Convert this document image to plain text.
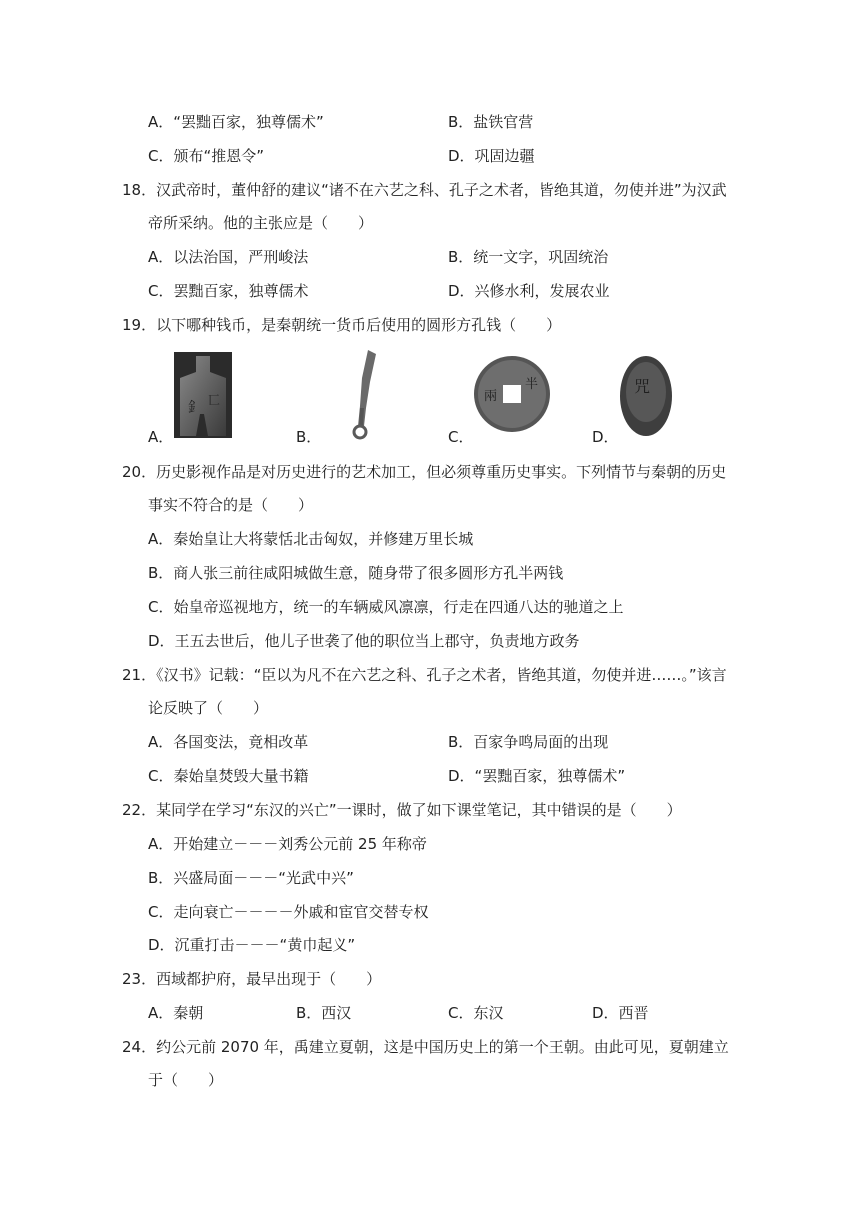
A．“罢黜百家，独尊儒术”	B．盐铁官营
C．颁布“推恩令”	D．巩固边疆
18．汉武帝时，董仲舒的建议“诸不在六艺之科、孔子之术者，皆绝其道，勿使并进”为汉武
帝所采纳。他的主张应是（　　）
A．以法治国，严刑峻法	B．统一文字，巩固统治
C．罢黜百家，独尊儒术	D．兴修水利，发展农业
19．以下哪种钱币，是秦朝统一货币后使用的圆形方孔钱（　　）
A．
釒 匸
B．	C．
兩
半
D．
咒
20．历史影视作品是对历史进行的艺术加工，但必须尊重历史事实。下列情节与秦朝的历史
事实不符合的是（　　）
A．秦始皇让大将蒙恬北击匈奴，并修建万里长城
B．商人张三前往咸阳城做生意，随身带了很多圆形方孔半两钱
C．始皇帝巡视地方，统一的车辆威风凛凛，行走在四通八达的驰道之上
D．王五去世后，他儿子世袭了他的职位当上郡守，负责地方政务
21．《汉书》记载：“臣以为凡不在六艺之科、孔子之术者，皆绝其道，勿使并进……。”该言
论反映了（　　）
A．各国变法，竟相改革	B．百家争鸣局面的出现
C．秦始皇焚毁大量书籍	D．“罢黜百家，独尊儒术”
22．某同学在学习“东汉的兴亡”一课时，做了如下课堂笔记，其中错误的是（　　）
A．开始建立－－－刘秀公元前 25 年称帝
B．兴盛局面－－－“光武中兴”
C．走向衰亡－－－－外戚和宦官交替专权
D．沉重打击－－－“黄巾起义”
23．西域都护府，最早出现于（　　）
A．秦朝	B．西汉	C．东汉	D．西晋
24．约公元前 2070 年，禹建立夏朝，这是中国历史上的第一个王朝。由此可见，夏朝建立
于（　　）
